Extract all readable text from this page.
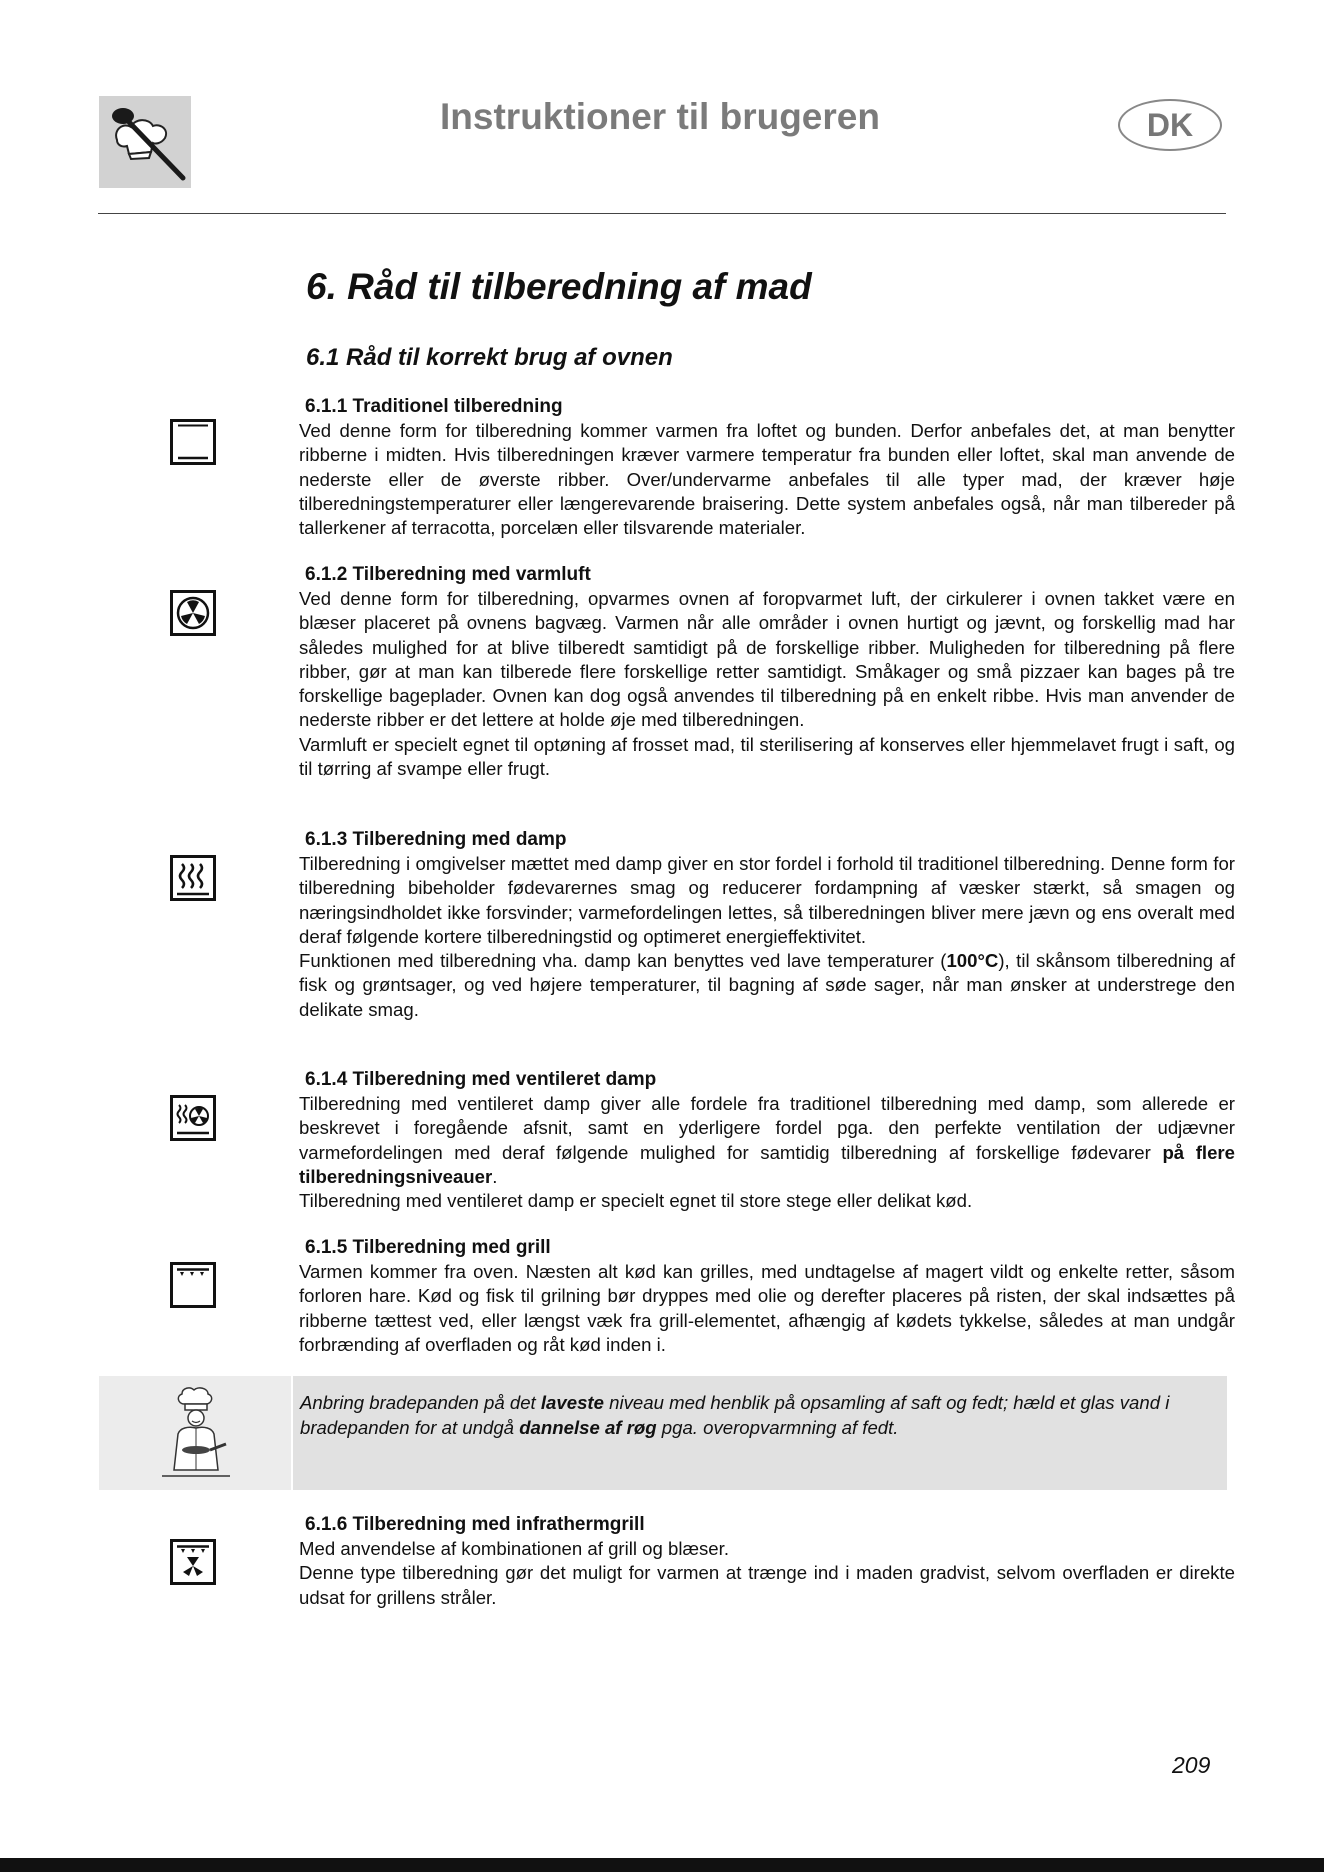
Instruktioner til brugeren	DK
6. Råd til tilberedning af mad
6.1 Råd til korrekt brug af ovnen
6.1.1 Traditionel tilberedning

Ved denne form for tilberedning kommer varmen fra loftet og bunden. Derfor anbefales det, at man benytter ribberne i midten. Hvis tilberedningen kræver varmere temperatur fra bunden eller loftet, skal man anvende de nederste eller de øverste ribber. Over/undervarme anbefales til alle typer mad, der kræver høje tilberedningstemperaturer eller længerevarende braisering. Dette system anbefales også, når man tilbereder på tallerkener af terracotta, porcelæn eller tilsvarende materialer.

6.1.2 Tilberedning med varmluft

Ved denne form for tilberedning, opvarmes ovnen af foropvarmet luft, der cirkulerer i ovnen takket være en blæser placeret på ovnens bagvæg. Varmen når alle områder i ovnen hurtigt og jævnt, og forskellig mad har således mulighed for at blive tilberedt samtidigt på de forskellige ribber. Muligheden for tilberedning på flere ribber, gør at man kan tilberede flere forskellige retter samtidigt. Småkager og små pizzaer kan bages på tre forskellige bageplader. Ovnen kan dog også anvendes til tilberedning på en enkelt ribbe. Hvis man anvender de nederste ribber er det lettere at holde øje med tilberedningen.

Varmluft er specielt egnet til optøning af frosset mad, til sterilisering af konserves eller hjemmelavet frugt i saft, og til tørring af svampe eller frugt.

6.1.3 Tilberedning med damp

Tilberedning i omgivelser mættet med damp giver en stor fordel i forhold til traditionel tilberedning. Denne form for tilberedning bibeholder fødevarernes smag og reducerer fordampning af væsker stærkt, så smagen og næringsindholdet ikke forsvinder; varmefordelingen lettes, så tilberedningen bliver mere jævn og ens overalt med deraf følgende kortere tilberedningstid og optimeret energieffektivitet.

Funktionen med tilberedning vha. damp kan benyttes ved lave temperaturer (100°C), til skånsom tilberedning af fisk og grøntsager, og ved højere temperaturer, til bagning af søde sager, når man ønsker at understrege den delikate smag.

6.1.4 Tilberedning med ventileret damp

Tilberedning med ventileret damp giver alle fordele fra traditionel tilberedning med damp, som allerede er beskrevet i foregående afsnit, samt en yderligere fordel pga. den perfekte ventilation der udjævner varmefordelingen med deraf følgende mulighed for samtidig tilberedning af forskellige fødevarer på flere tilberedningsniveauer.

Tilberedning med ventileret damp er specielt egnet til store stege eller delikat kød.

6.1.5 Tilberedning med grill

Varmen kommer fra oven. Næsten alt kød kan grilles, med undtagelse af magert vildt og enkelte retter, såsom forloren hare. Kød og fisk til grilning bør dryppes med olie og derefter placeres på risten, der skal indsættes på ribberne tættest ved, eller længst væk fra grill-elementet, afhængig af kødets tykkelse, således at man undgår forbrænding af overfladen og råt kød inden i.

Anbring bradepanden på det laveste niveau med henblik på opsamling af saft og fedt; hæld et glas vand i bradepanden for at undgå dannelse af røg pga. overopvarmning af fedt.
6.1.6 Tilberedning med infrathermgrill

Med anvendelse af kombinationen af grill og blæser.

Denne type tilberedning gør det muligt for varmen at trænge ind i maden gradvist, selvom overfladen er direkte udsat for grillens stråler.

209
